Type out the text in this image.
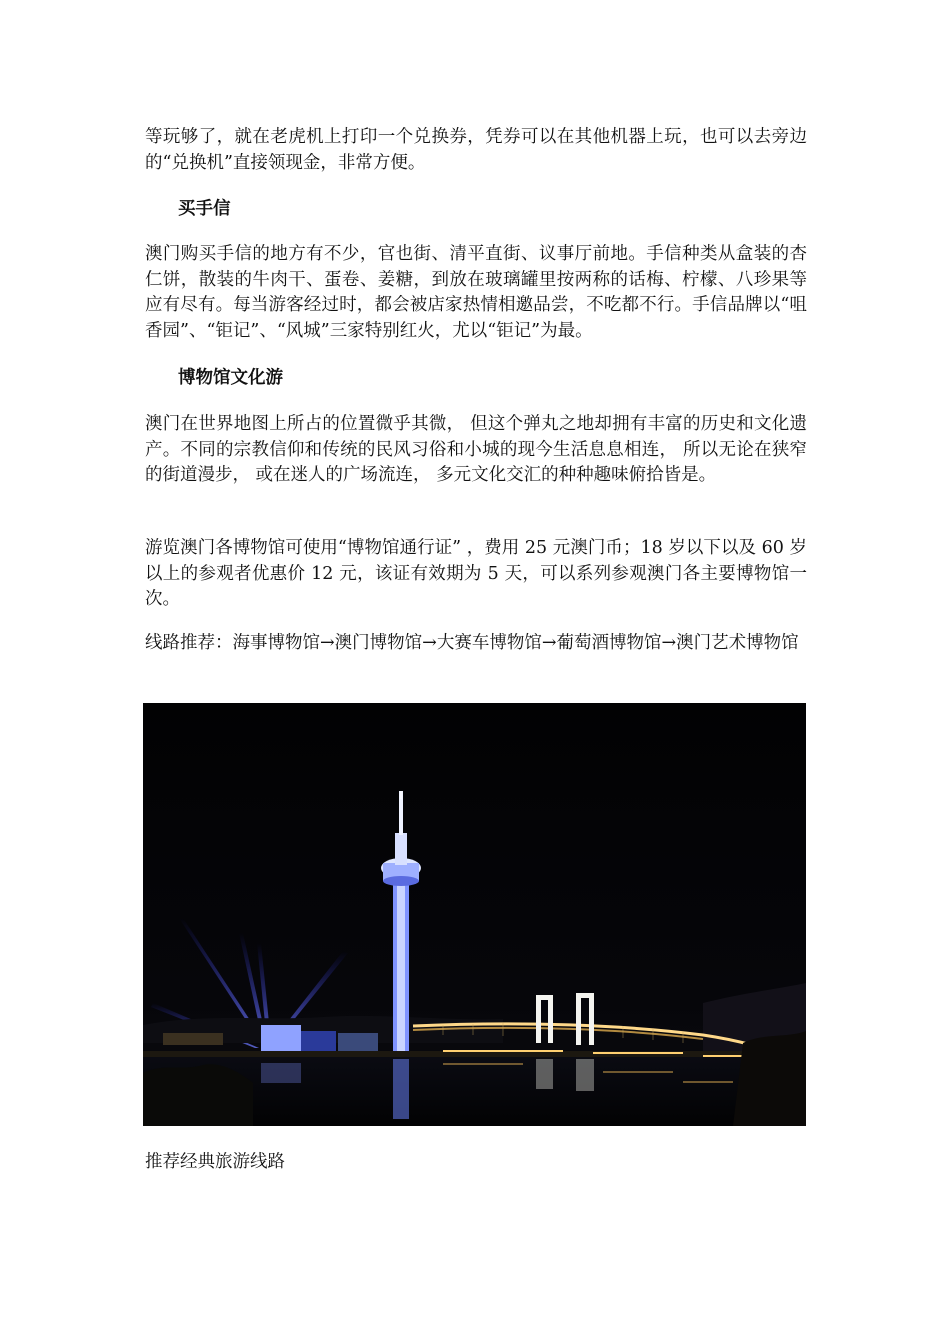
等玩够了，就在老虎机上打印一个兑换券，凭券可以在其他机器上玩，也可以去旁边的“兑换机”直接领现金，非常方便。

买手信

澳门购买手信的地方有不少，官也街、清平直街、议事厅前地。手信种类从盒装的杏仁饼，散装的牛肉干、蛋卷、姜糖，到放在玻璃罐里按两称的话梅、柠檬、八珍果等应有尽有。每当游客经过时，都会被店家热情相邀品尝，不吃都不行。手信品牌以“咀香园”、“钜记”、“风城”三家特别红火，尤以“钜记”为最。

博物馆文化游

澳门在世界地图上所占的位置微乎其微， 但这个弹丸之地却拥有丰富的历史和文化遗产。不同的宗教信仰和传统的民风习俗和小城的现今生活息息相连， 所以无论在狭窄的街道漫步， 或在迷人的广场流连， 多元文化交汇的种种趣味俯拾皆是。

游览澳门各博物馆可使用“博物馆通行证” ，费用 25 元澳门币；18 岁以下以及 60 岁以上的参观者优惠价 12 元，该证有效期为 5 天，可以系列参观澳门各主要博物馆一次。

线路推荐：海事博物馆→澳门博物馆→大赛车博物馆→葡萄酒博物馆→澳门艺术博物馆

推荐经典旅游线路
